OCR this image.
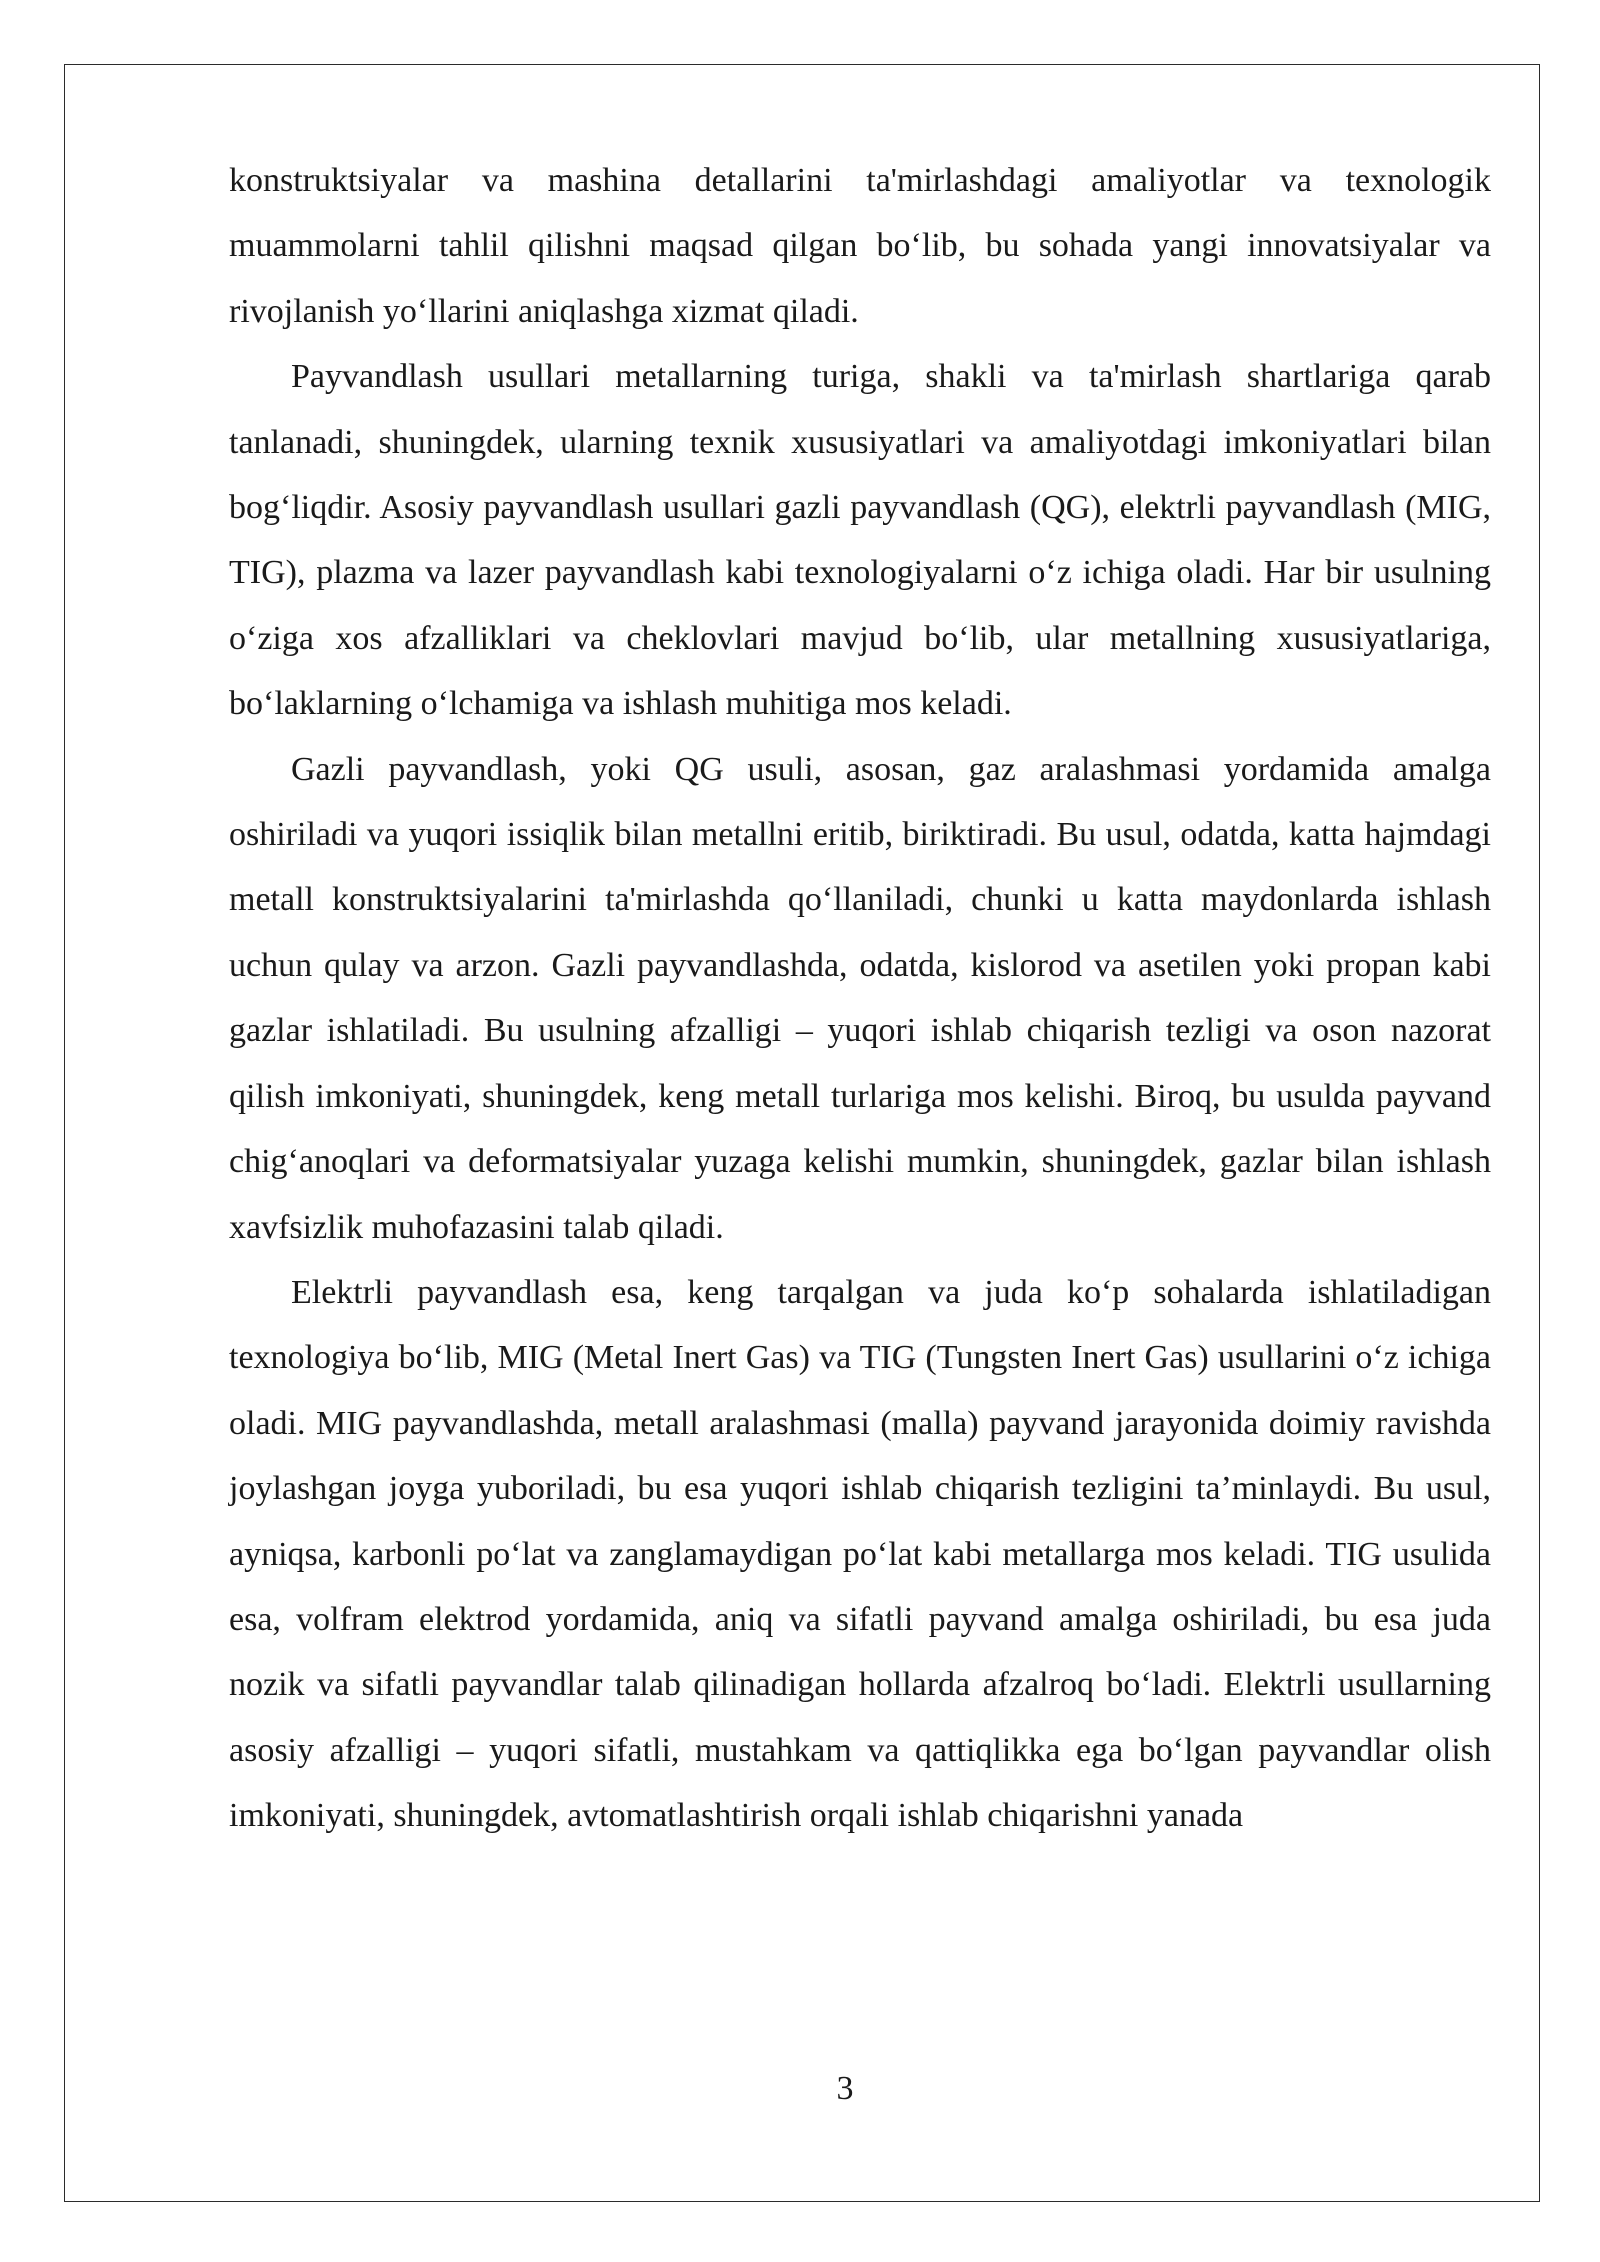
konstruktsiyalar va mashina detallarini ta'mirlashdagi amaliyotlar va texnologik muammolarni tahlil qilishni maqsad qilgan bo‘lib, bu sohada yangi innovatsiyalar va rivojlanish yo‘llarini aniqlashga xizmat qiladi.

Payvandlash usullari metallarning turiga, shakli va ta'mirlash shartlariga qarab tanlanadi, shuningdek, ularning texnik xususiyatlari va amaliyotdagi imkoniyatlari bilan bog‘liqdir. Asosiy payvandlash usullari gazli payvandlash (QG), elektrli payvandlash (MIG, TIG), plazma va lazer payvandlash kabi texnologiyalarni o‘z ichiga oladi. Har bir usulning o‘ziga xos afzalliklari va cheklovlari mavjud bo‘lib, ular metallning xususiyatlariga, bo‘laklarning o‘lchamiga va ishlash muhitiga mos keladi.

Gazli payvandlash, yoki QG usuli, asosan, gaz aralashmasi yordamida amalga oshiriladi va yuqori issiqlik bilan metallni eritib, biriktiradi. Bu usul, odatda, katta hajmdagi metall konstruktsiyalarini ta'mirlashda qo‘llaniladi, chunki u katta maydonlarda ishlash uchun qulay va arzon. Gazli payvandlashda, odatda, kislorod va asetilen yoki propan kabi gazlar ishlatiladi. Bu usulning afzalligi – yuqori ishlab chiqarish tezligi va oson nazorat qilish imkoniyati, shuningdek, keng metall turlariga mos kelishi. Biroq, bu usulda payvand chig‘anoqlari va deformatsiyalar yuzaga kelishi mumkin, shuningdek, gazlar bilan ishlash xavfsizlik muhofazasini talab qiladi.

Elektrli payvandlash esa, keng tarqalgan va juda ko‘p sohalarda ishlatiladigan texnologiya bo‘lib, MIG (Metal Inert Gas) va TIG (Tungsten Inert Gas) usullarini o‘z ichiga oladi. MIG payvandlashda, metall aralashmasi (malla) payvand jarayonida doimiy ravishda joylashgan joyga yuboriladi, bu esa yuqori ishlab chiqarish tezligini ta’minlaydi. Bu usul, ayniqsa, karbonli po‘lat va zanglamaydigan po‘lat kabi metallarga mos keladi. TIG usulida esa, volfram elektrod yordamida, aniq va sifatli payvand amalga oshiriladi, bu esa juda nozik va sifatli payvandlar talab qilinadigan hollarda afzalroq bo‘ladi. Elektrli usullarning asosiy afzalligi – yuqori sifatli, mustahkam va qattiqlikka ega bo‘lgan payvandlar olish imkoniyati, shuningdek, avtomatlashtirish orqali ishlab chiqarishni yanada

3
